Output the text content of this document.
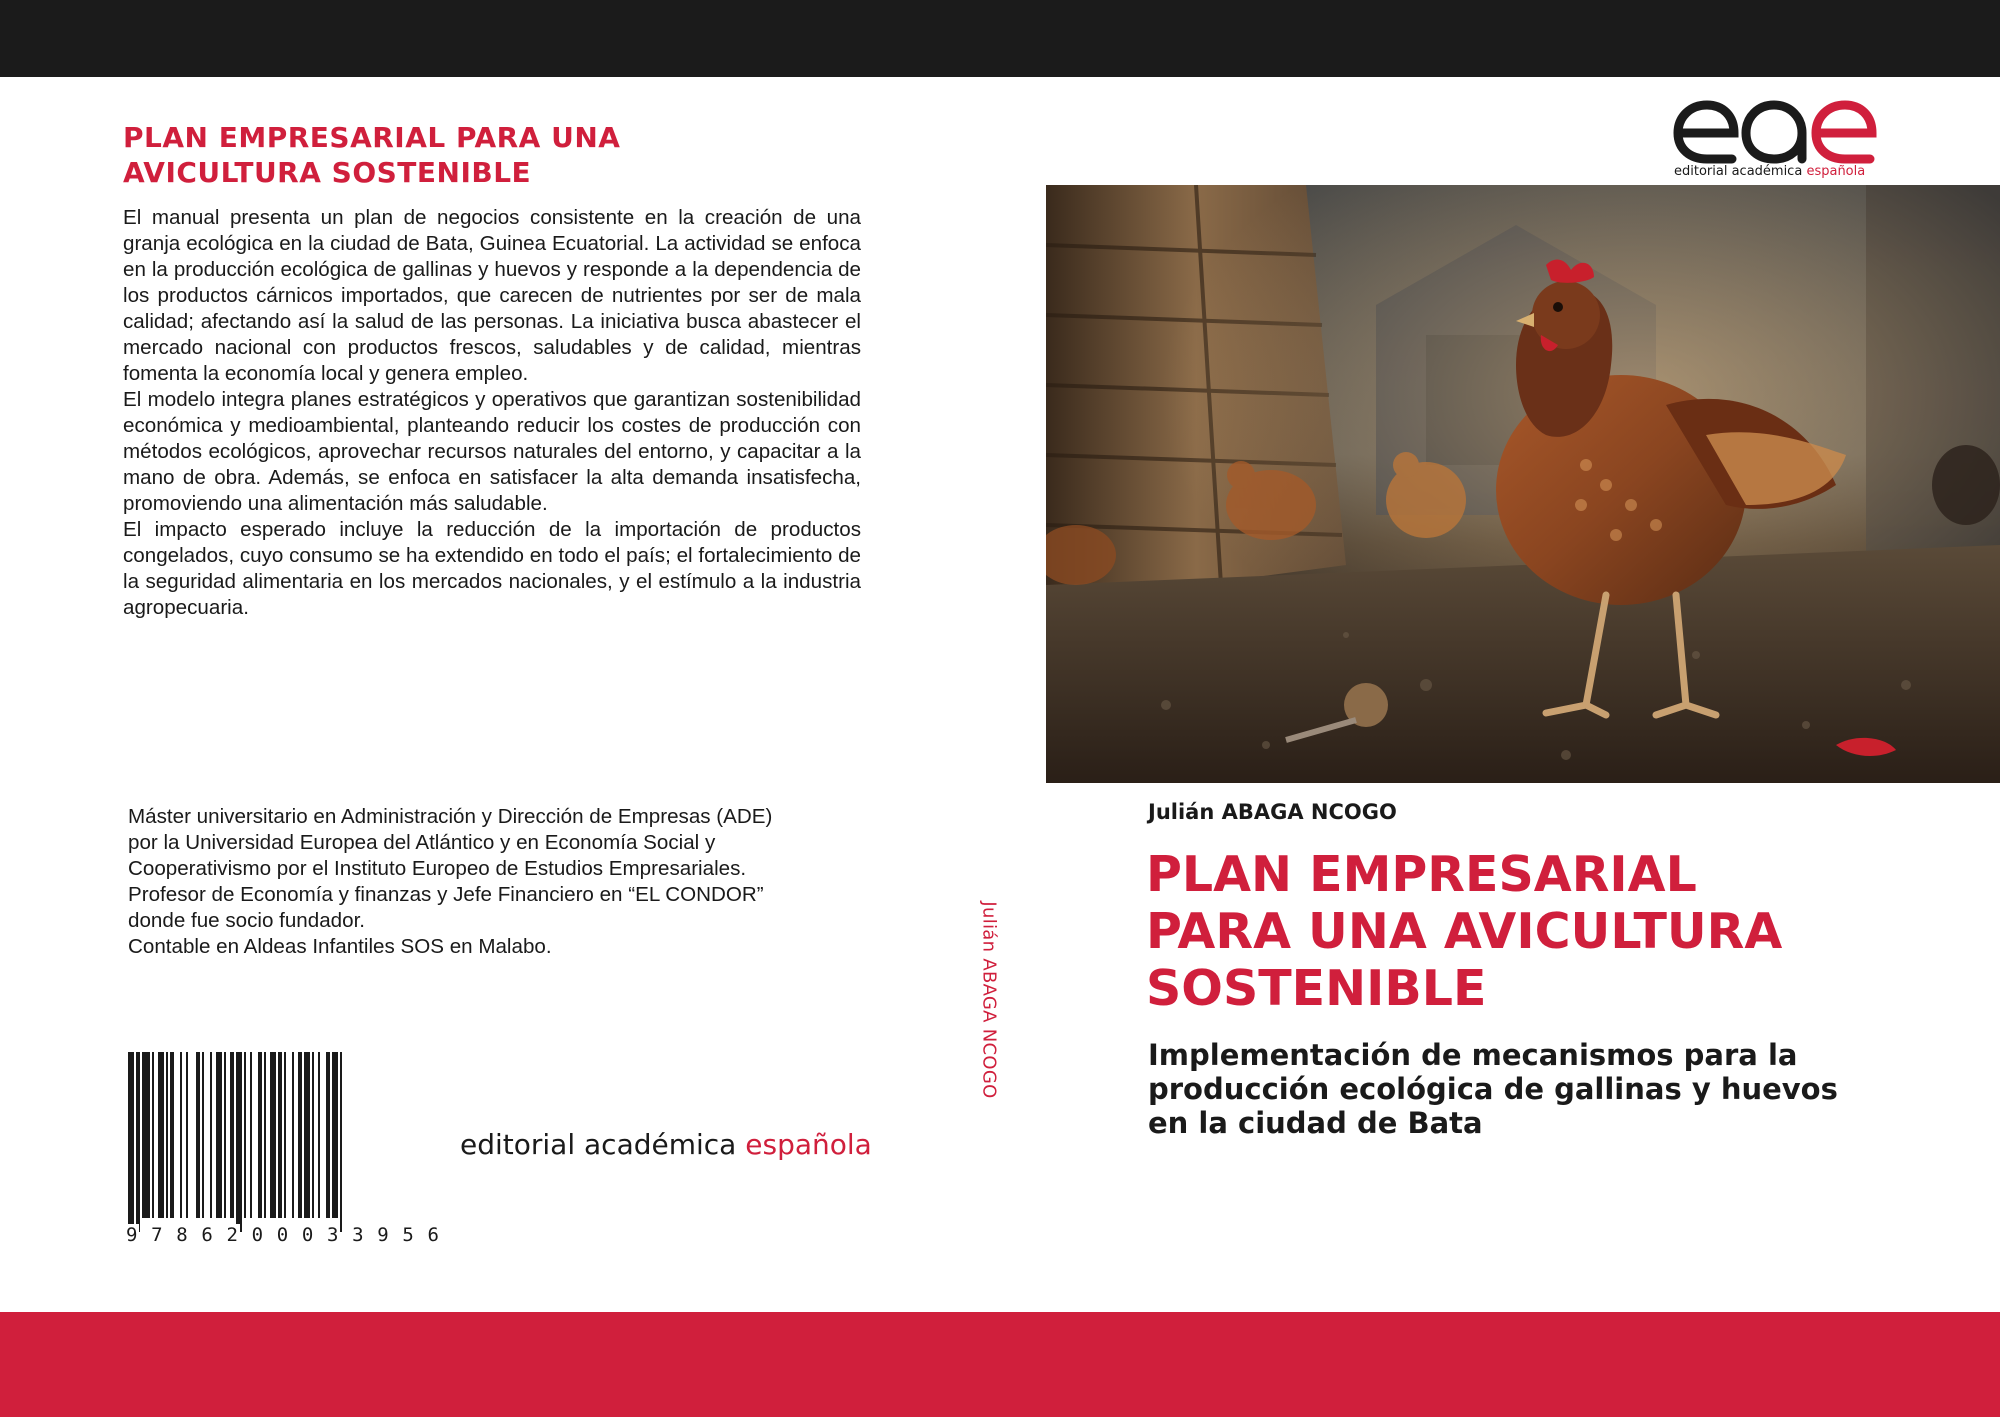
PLAN EMPRESARIAL PARA UNA
AVICULTURA SOSTENIBLE

El manual presenta un plan de negocios consistente en la creación de una granja ecológica en la ciudad de Bata, Guinea Ecuatorial. La actividad se enfoca en la producción ecológica de gallinas y huevos y responde a la dependencia de los productos cárnicos importados, que carecen de nutrientes por ser de mala calidad; afectando así la salud de las personas. La iniciativa busca abastecer el mercado nacional con productos frescos, saludables y de calidad, mientras fomenta la economía local y genera empleo.

El modelo integra planes estratégicos y operativos que garantizan sostenibilidad económica y medioambiental, planteando reducir los costes de producción con métodos ecológicos, aprovechar recursos naturales del entorno, y capacitar a la mano de obra. Además, se enfoca en satisfacer la alta demanda insatisfecha, promoviendo una alimentación más saludable.

El impacto esperado incluye la reducción de la importación de productos congelados, cuyo consumo se ha extendido en todo el país; el fortalecimiento de la seguridad alimentaria en los mercados nacionales, y el estímulo a la industria agropecuaria.

Máster universitario en Administración y Dirección de Empresas (ADE)

por la Universidad Europea del Atlántico y en Economía Social y

Cooperativismo por el Instituto Europeo de Estudios Empresariales.

Profesor de Economía y finanzas y Jefe Financiero en “EL CONDOR”

donde fue socio fundador.

Contable en Aldeas Infantiles SOS en Malabo.

9 7 8 6 2 0 0 0 3 3 9 5 6
editorial académica española
Julián ABAGA NCOGO
editorial académica española
Julián ABAGA NCOGO
PLAN EMPRESARIAL
PARA UNA AVICULTURA
SOSTENIBLE
Implementación de mecanismos para la
producción ecológica de gallinas y huevos
en la ciudad de Bata
